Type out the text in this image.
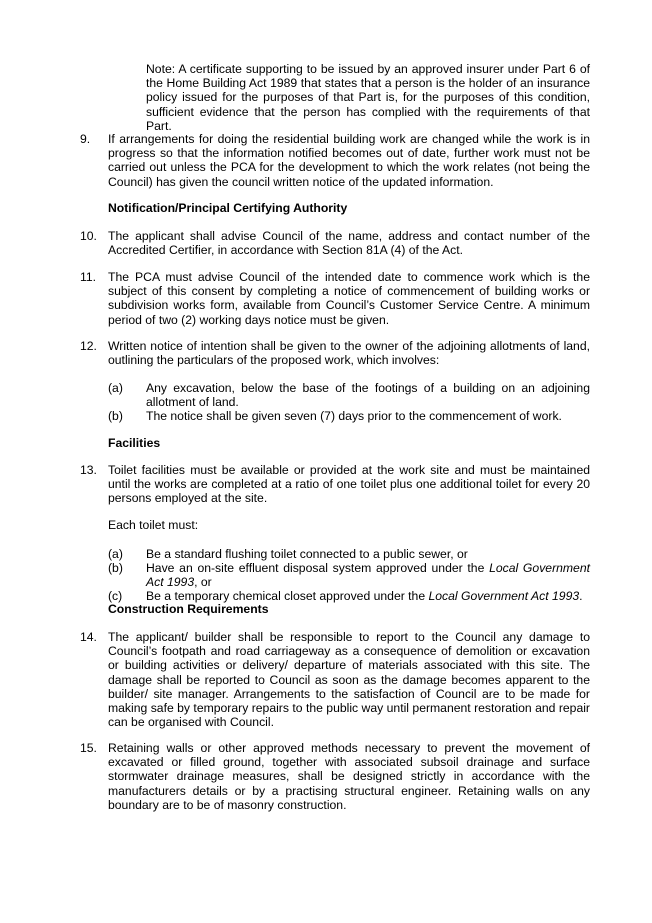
Note: A certificate supporting to be issued by an approved insurer under Part 6 of the Home Building Act 1989 that states that a person is the holder of an insurance policy issued for the purposes of that Part is, for the purposes of this condition, sufficient evidence that the person has complied with the requirements of that Part.
9. If arrangements for doing the residential building work are changed while the work is in progress so that the information notified becomes out of date, further work must not be carried out unless the PCA for the development to which the work relates (not being the Council) has given the council written notice of the updated information.
Notification/Principal Certifying Authority
10. The applicant shall advise Council of the name, address and contact number of the Accredited Certifier, in accordance with Section 81A (4) of the Act.
11. The PCA must advise Council of the intended date to commence work which is the subject of this consent by completing a notice of commencement of building works or subdivision works form, available from Council’s Customer Service Centre. A minimum period of two (2) working days notice must be given.
12. Written notice of intention shall be given to the owner of the adjoining allotments of land, outlining the particulars of the proposed work, which involves:
(a) Any excavation, below the base of the footings of a building on an adjoining allotment of land.
(b) The notice shall be given seven (7) days prior to the commencement of work.
Facilities
13. Toilet facilities must be available or provided at the work site and must be maintained until the works are completed at a ratio of one toilet plus one additional toilet for every 20 persons employed at the site.
Each toilet must:
(a) Be a standard flushing toilet connected to a public sewer, or
(b) Have an on-site effluent disposal system approved under the Local Government Act 1993, or
(c) Be a temporary chemical closet approved under the Local Government Act 1993.
Construction Requirements
14. The applicant/ builder shall be responsible to report to the Council any damage to Council’s footpath and road carriageway as a consequence of demolition or excavation or building activities or delivery/ departure of materials associated with this site. The damage shall be reported to Council as soon as the damage becomes apparent to the builder/ site manager. Arrangements to the satisfaction of Council are to be made for making safe by temporary repairs to the public way until permanent restoration and repair can be organised with Council.
15. Retaining walls or other approved methods necessary to prevent the movement of excavated or filled ground, together with associated subsoil drainage and surface stormwater drainage measures, shall be designed strictly in accordance with the manufacturers details or by a practising structural engineer. Retaining walls on any boundary are to be of masonry construction.
